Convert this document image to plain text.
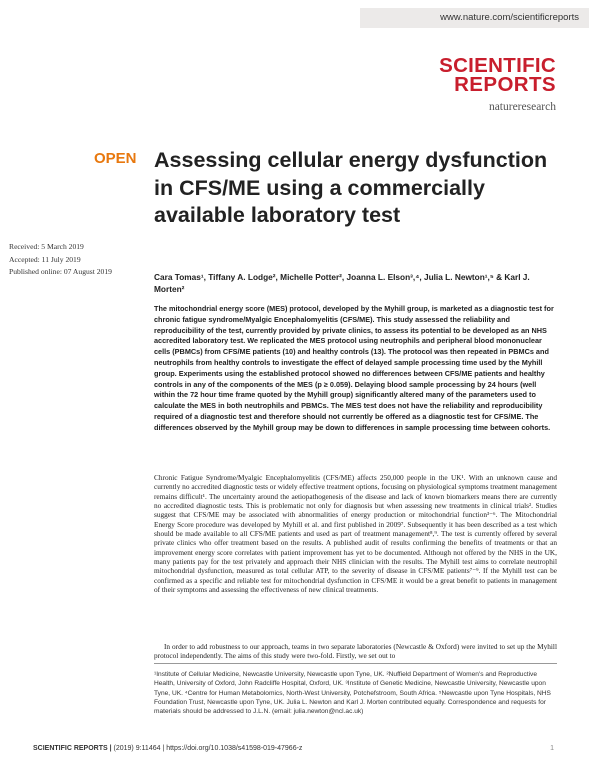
www.nature.com/scientificreports
SCIENTIFIC
REPORTS
natureresearch
OPEN Assessing cellular energy dysfunction in CFS/ME using a commercially available laboratory test
Received: 5 March 2019
Accepted: 11 July 2019
Published online: 07 August 2019
Cara Tomas¹, Tiffany A. Lodge², Michelle Potter², Joanna L. Elson³,⁴, Julia L. Newton¹,⁵ & Karl J. Morten²

The mitochondrial energy score (MES) protocol, developed by the Myhill group, is marketed as a diagnostic test for chronic fatigue syndrome/Myalgic Encephalomyelitis (CFS/ME). This study assessed the reliability and reproducibility of the test, currently provided by private clinics, to assess its potential to be developed as an NHS accredited laboratory test. We replicated the MES protocol using neutrophils and peripheral blood mononuclear cells (PBMCs) from CFS/ME patients (10) and healthy controls (13). The protocol was then repeated in PBMCs and neutrophils from healthy controls to investigate the effect of delayed sample processing time used by the Myhill group. Experiments using the established protocol showed no differences between CFS/ME patients and healthy controls in any of the components of the MES (p ≥ 0.059). Delaying blood sample processing by 24 hours (well within the 72 hour time frame quoted by the Myhill group) significantly altered many of the parameters used to calculate the MES in both neutrophils and PBMCs. The MES test does not have the reliability and reproducibility required of a diagnostic test and therefore should not currently be offered as a diagnostic test for CFS/ME. The differences observed by the Myhill group may be down to differences in sample processing time between cohorts.

Chronic Fatigue Syndrome/Myalgic Encephalomyelitis (CFS/ME) affects 250,000 people in the UK¹. With an unknown cause and currently no accredited diagnostic tests or widely effective treatment options, focusing on physiological symptoms treatment management remains difficult¹. The uncertainty around the aetiopathogenesis of the disease and lack of known biomarkers means there are currently no accredited diagnostic tests. This is problematic not only for diagnosis but when assessing new treatments in clinical trials². Studies suggest that CFS/ME may be associated with abnormalities of energy production or mitochondrial function³⁻⁶. The Mitochondrial Energy Score procedure was developed by Myhill et al. and first published in 2009⁷. Subsequently it has been described as a test which should be made available to all CFS/ME patients and used as part of treatment management⁸,⁹. The test is currently offered by several private clinics who offer treatment based on the results. A published audit of results confirming the benefits of treatments or that an improvement energy score correlates with patient improvement has yet to be documented. Although not offered by the NHS in the UK, many patients pay for the test privately and approach their NHS clinician with the results. The Myhill test aims to correlate neutrophil mitochondrial dysfunction, measured as total cellular ATP, to the severity of disease in CFS/ME patients⁷⁻⁹. If the Myhill test can be confirmed as a specific and reliable test for mitochondrial dysfunction in CFS/ME it would be a great benefit to patients in management of their symptoms and assessing the effectiveness of new clinical treatments.

In order to add robustness to our approach, teams in two separate laboratories (Newcastle & Oxford) were invited to set up the Myhill protocol independently. The aims of this study were two-fold. Firstly, we set out to

¹Institute of Cellular Medicine, Newcastle University, Newcastle upon Tyne, UK. ²Nuffield Department of Women's and Reproductive Health, University of Oxford, John Radcliffe Hospital, Oxford, UK. ³Institute of Genetic Medicine, Newcastle University, Newcastle upon Tyne, UK. ⁴Centre for Human Metabolomics, North-West University, Potchefstroom, South Africa. ⁵Newcastle upon Tyne Hospitals, NHS Foundation Trust, Newcastle upon Tyne, UK. Julia L. Newton and Karl J. Morten contributed equally. Correspondence and requests for materials should be addressed to J.L.N. (email: julia.newton@ncl.ac.uk)

SCIENTIFIC REPORTS | (2019) 9:11464 | https://doi.org/10.1038/s41598-019-47966-z	1
